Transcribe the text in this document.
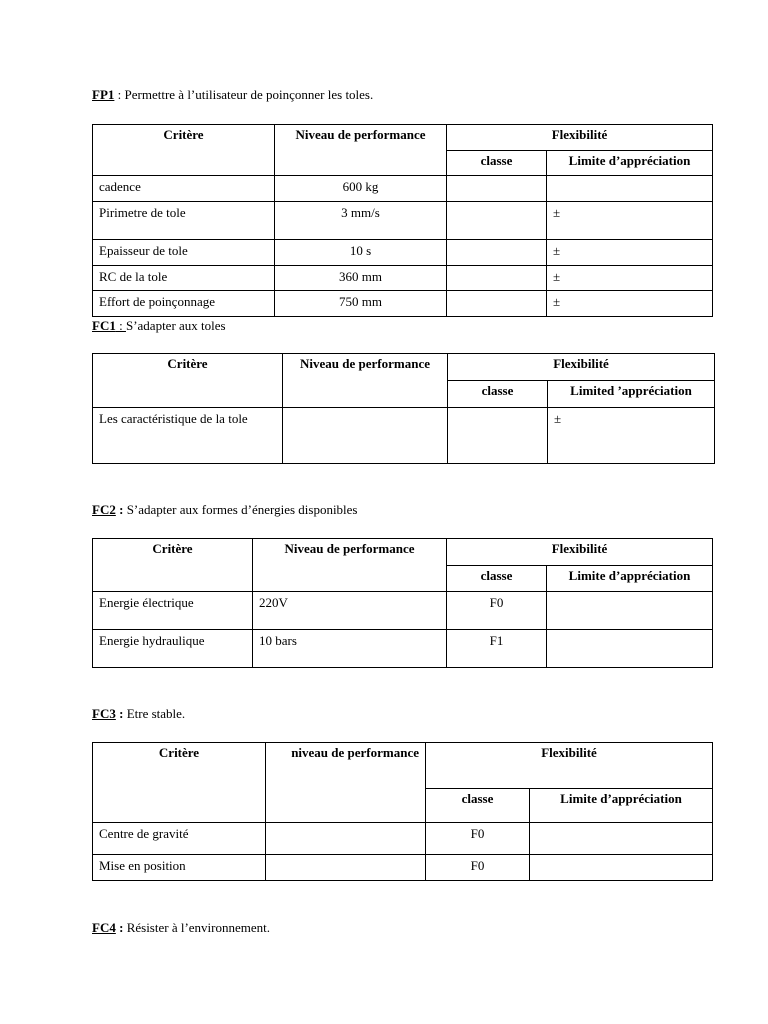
FP1 : Permettre à l’utilisateur de poinçonner les toles.
Critère	Niveau de performance	Flexibilité	
		classe	Limite d’appréciation
cadence	600 kg		
Pirimetre de tole	3 mm/s		±
Epaisseur de tole	10 s		±
RC de la tole	360 mm		±
Effort de poinçonnage	750 mm		±
FC1 : S’adapter aux toles
Critère	Niveau de performance	Flexibilité	
		classe	Limited ’appréciation
Les caractéristique de la tole			±
FC2 : S’adapter aux formes d’énergies disponibles
Critère	Niveau de performance	Flexibilité	
		classe	Limite d’appréciation
Energie électrique	220V	F0	
Energie hydraulique	10 bars	F1	
FC3 : Etre stable.
Critère	niveau de performance	Flexibilité	
		classe	Limite d’appréciation
Centre de gravité		F0	
Mise en position		F0	
FC4 : Résister à l’environnement.
